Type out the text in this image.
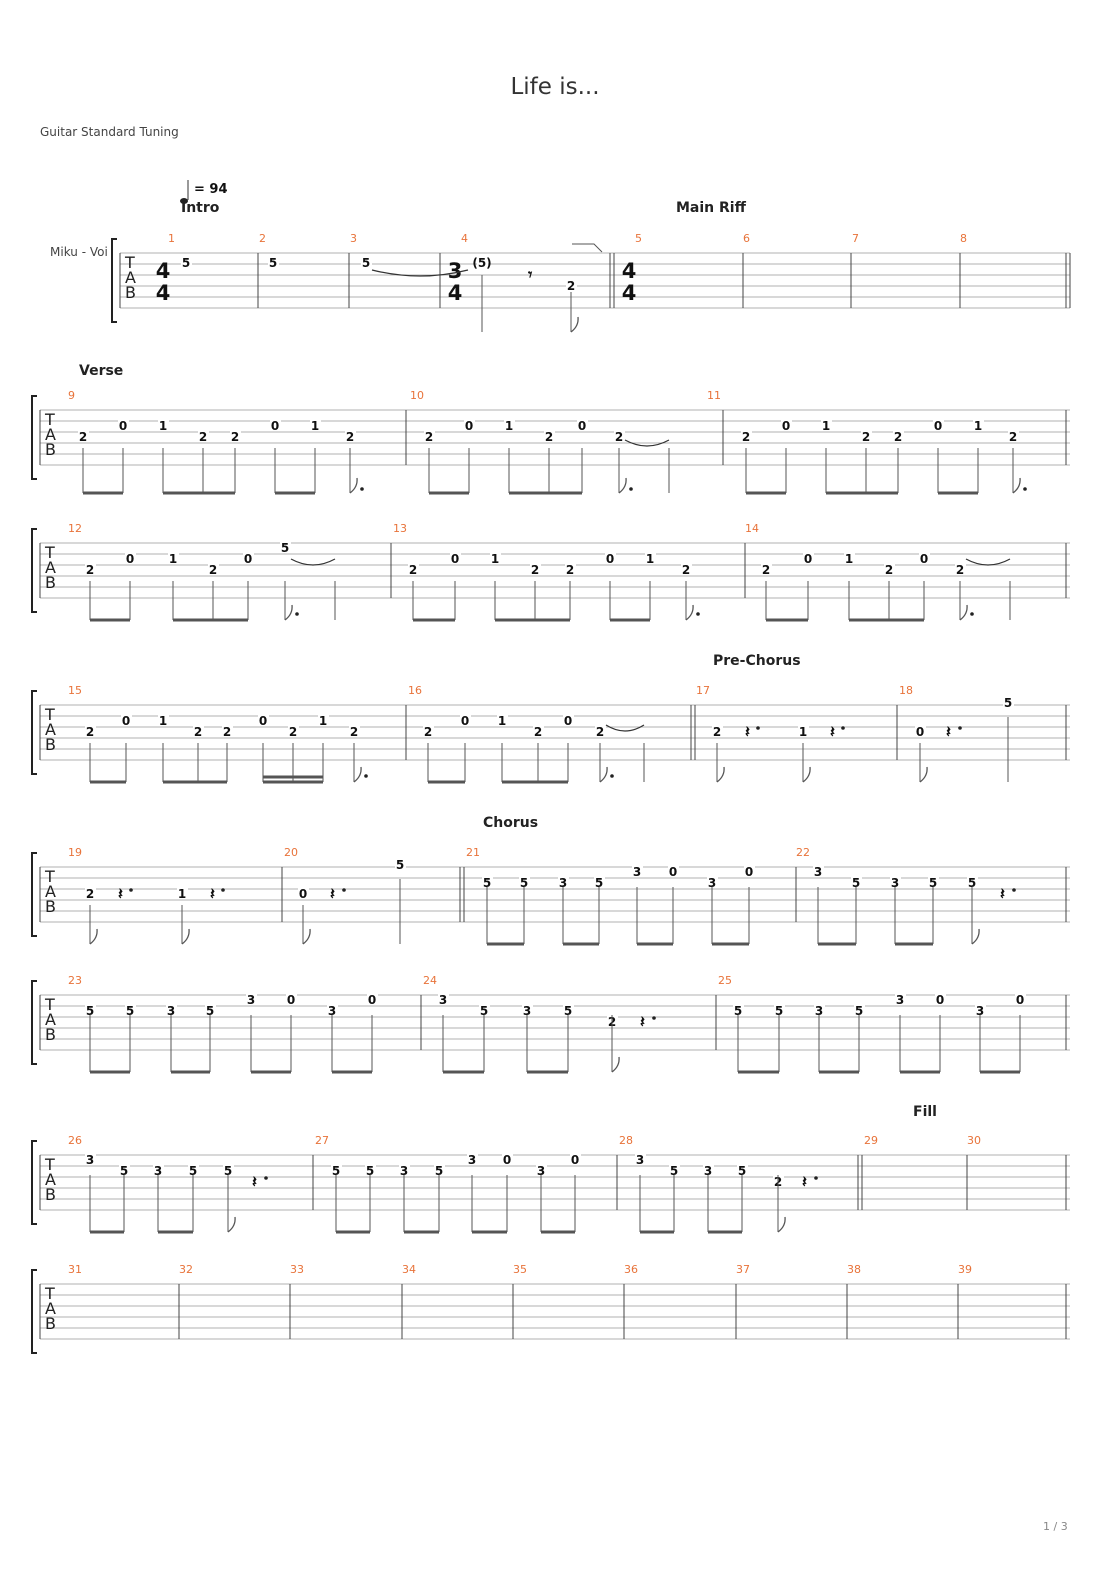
Life is...
Guitar Standard Tuning
1 / 3
T
A
B
Miku - Voi
= 94
Intro	Main Riff
4
4
3
4
4
4
1	2	3	4	5	6	7	8
5	5	5	(5)
2
𝄾
T
A
B
Verse
9
2
0	1
2 2
0	1
2
10
2
0	1
2
0
2
11
2
0	1
2 2
0	1
2
T
A
B
12
2
0	1
2
0
5
13
2
0	1
2 2
0	1
2
14
2
0	1
2
0
2
T
A
B
Pre-Chorus
15
2
0 1
2 2
0
2
1
2
16
2
0 1
2
0
2
17
2	1
𝄽	𝄽
18
0
5
𝄽
T
A
B
Chorus
19
2	1
𝄽	𝄽
20
0
5
𝄽
21
5 5	3 5
3 0
3
0
22
3
5	3 5	5
𝄽
T
A
B
23
5	5	3	5
3	0
3
0
24
3
5	3	5
2 𝄽
25
5	5	3	5
3	0
3
0
T
A
B
Fill
26
3
5 3 5 5
𝄽
27
5 5 3 5
3 0
3
0
28
3
5 3 5
2 𝄽
29	30
T
A
B
31	32	33	34	35	36	37	38	39
